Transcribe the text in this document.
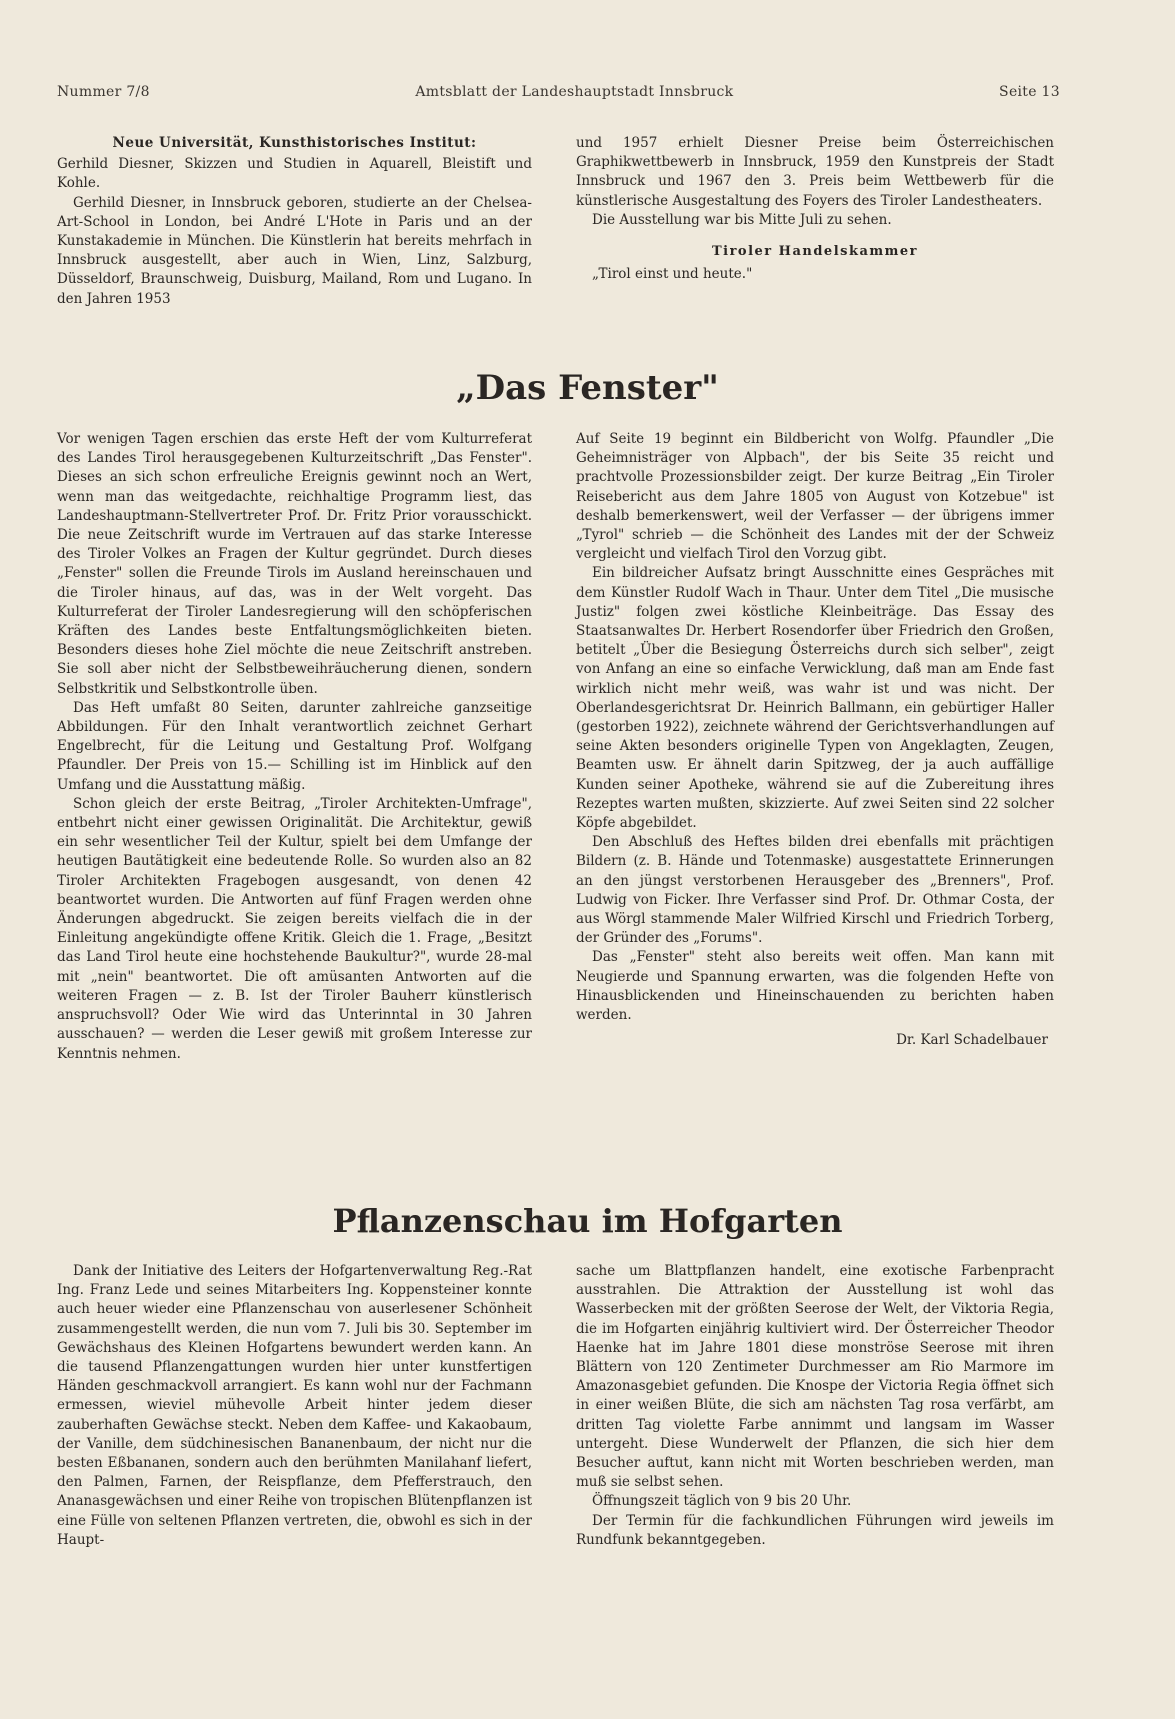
Nummer 7/8	Amtsblatt der Landeshauptstadt Innsbruck	Seite 13
Neue Universität, Kunsthistorisches Institut:

Gerhild Diesner, Skizzen und Studien in Aquarell, Bleistift und Kohle.

Gerhild Diesner, in Innsbruck geboren, studierte an der Chelsea-Art-School in London, bei André L'Hote in Paris und an der Kunstakademie in München. Die Künstlerin hat bereits mehrfach in Innsbruck ausgestellt, aber auch in Wien, Linz, Salzburg, Düsseldorf, Braunschweig, Duisburg, Mailand, Rom und Lugano. In den Jahren 1953

und 1957 erhielt Diesner Preise beim Österreichischen Graphikwettbewerb in Innsbruck, 1959 den Kunstpreis der Stadt Innsbruck und 1967 den 3. Preis beim Wettbewerb für die künstlerische Ausgestaltung des Foyers des Tiroler Landestheaters.

Die Ausstellung war bis Mitte Juli zu sehen.

Tiroler Handelskammer

„Tirol einst und heute."

„Das Fenster"

Vor wenigen Tagen erschien das erste Heft der vom Kulturreferat des Landes Tirol herausgegebenen Kulturzeitschrift „Das Fenster". Dieses an sich schon erfreuliche Ereignis gewinnt noch an Wert, wenn man das weitgedachte, reichhaltige Programm liest, das Landeshauptmann-Stellvertreter Prof. Dr. Fritz Prior vorausschickt. Die neue Zeitschrift wurde im Vertrauen auf das starke Interesse des Tiroler Volkes an Fragen der Kultur gegründet. Durch dieses „Fenster" sollen die Freunde Tirols im Ausland hereinschauen und die Tiroler hinaus, auf das, was in der Welt vorgeht. Das Kulturreferat der Tiroler Landesregierung will den schöpferischen Kräften des Landes beste Entfaltungsmöglichkeiten bieten. Besonders dieses hohe Ziel möchte die neue Zeitschrift anstreben. Sie soll aber nicht der Selbstbeweihräucherung dienen, sondern Selbstkritik und Selbstkontrolle üben.

Das Heft umfaßt 80 Seiten, darunter zahlreiche ganzseitige Abbildungen. Für den Inhalt verantwortlich zeichnet Gerhart Engelbrecht, für die Leitung und Gestaltung Prof. Wolfgang Pfaundler. Der Preis von 15.— Schilling ist im Hinblick auf den Umfang und die Ausstattung mäßig.

Schon gleich der erste Beitrag, „Tiroler Architekten-Umfrage", entbehrt nicht einer gewissen Originalität. Die Architektur, gewiß ein sehr wesentlicher Teil der Kultur, spielt bei dem Umfange der heutigen Bautätigkeit eine bedeutende Rolle. So wurden also an 82 Tiroler Architekten Fragebogen ausgesandt, von denen 42 beantwortet wurden. Die Antworten auf fünf Fragen werden ohne Änderungen abgedruckt. Sie zeigen bereits vielfach die in der Einleitung angekündigte offene Kritik. Gleich die 1. Frage, „Besitzt das Land Tirol heute eine hochstehende Baukultur?", wurde 28-mal mit „nein" beantwortet. Die oft amüsanten Antworten auf die weiteren Fragen — z. B. Ist der Tiroler Bauherr künstlerisch anspruchsvoll? Oder Wie wird das Unterinntal in 30 Jahren ausschauen? — werden die Leser gewiß mit großem Interesse zur Kenntnis nehmen.

Auf Seite 19 beginnt ein Bildbericht von Wolfg. Pfaundler „Die Geheimnisträger von Alpbach", der bis Seite 35 reicht und prachtvolle Prozessionsbilder zeigt. Der kurze Beitrag „Ein Tiroler Reisebericht aus dem Jahre 1805 von August von Kotzebue" ist deshalb bemerkenswert, weil der Verfasser — der übrigens immer „Tyrol" schrieb — die Schönheit des Landes mit der der Schweiz vergleicht und vielfach Tirol den Vorzug gibt.

Ein bildreicher Aufsatz bringt Ausschnitte eines Gespräches mit dem Künstler Rudolf Wach in Thaur. Unter dem Titel „Die musische Justiz" folgen zwei köstliche Kleinbeiträge. Das Essay des Staatsanwaltes Dr. Herbert Rosendorfer über Friedrich den Großen, betitelt „Über die Besiegung Österreichs durch sich selber", zeigt von Anfang an eine so einfache Verwicklung, daß man am Ende fast wirklich nicht mehr weiß, was wahr ist und was nicht. Der Oberlandesgerichtsrat Dr. Heinrich Ballmann, ein gebürtiger Haller (gestorben 1922), zeichnete während der Gerichtsverhandlungen auf seine Akten besonders originelle Typen von Angeklagten, Zeugen, Beamten usw. Er ähnelt darin Spitzweg, der ja auch auffällige Kunden seiner Apotheke, während sie auf die Zubereitung ihres Rezeptes warten mußten, skizzierte. Auf zwei Seiten sind 22 solcher Köpfe abgebildet.

Den Abschluß des Heftes bilden drei ebenfalls mit prächtigen Bildern (z. B. Hände und Totenmaske) ausgestattete Erinnerungen an den jüngst verstorbenen Herausgeber des „Brenners", Prof. Ludwig von Ficker. Ihre Verfasser sind Prof. Dr. Othmar Costa, der aus Wörgl stammende Maler Wilfried Kirschl und Friedrich Torberg, der Gründer des „Forums".

Das „Fenster" steht also bereits weit offen. Man kann mit Neugierde und Spannung erwarten, was die folgenden Hefte von Hinausblickenden und Hineinschauenden zu berichten haben werden.

Dr. Karl Schadelbauer
Pflanzenschau im Hofgarten

Dank der Initiative des Leiters der Hofgartenverwaltung Reg.-Rat Ing. Franz Lede und seines Mitarbeiters Ing. Koppensteiner konnte auch heuer wieder eine Pflanzenschau von auserlesener Schönheit zusammengestellt werden, die nun vom 7. Juli bis 30. September im Gewächshaus des Kleinen Hofgartens bewundert werden kann. An die tausend Pflanzengattungen wurden hier unter kunstfertigen Händen geschmackvoll arrangiert. Es kann wohl nur der Fachmann ermessen, wieviel mühevolle Arbeit hinter jedem dieser zauberhaften Gewächse steckt. Neben dem Kaffee- und Kakaobaum, der Vanille, dem südchinesischen Bananenbaum, der nicht nur die besten Eßbananen, sondern auch den berühmten Manilahanf liefert, den Palmen, Farnen, der Reispflanze, dem Pfefferstrauch, den Ananasgewächsen und einer Reihe von tropischen Blütenpflanzen ist eine Fülle von seltenen Pflanzen vertreten, die, obwohl es sich in der Haupt-

sache um Blattpflanzen handelt, eine exotische Farbenpracht ausstrahlen. Die Attraktion der Ausstellung ist wohl das Wasserbecken mit der größten Seerose der Welt, der Viktoria Regia, die im Hofgarten einjährig kultiviert wird. Der Österreicher Theodor Haenke hat im Jahre 1801 diese monströse Seerose mit ihren Blättern von 120 Zentimeter Durchmesser am Rio Marmore im Amazonasgebiet gefunden. Die Knospe der Victoria Regia öffnet sich in einer weißen Blüte, die sich am nächsten Tag rosa verfärbt, am dritten Tag violette Farbe annimmt und langsam im Wasser untergeht. Diese Wunderwelt der Pflanzen, die sich hier dem Besucher auftut, kann nicht mit Worten beschrieben werden, man muß sie selbst sehen.

Öffnungszeit täglich von 9 bis 20 Uhr.

Der Termin für die fachkundlichen Führungen wird jeweils im Rundfunk bekanntgegeben.
